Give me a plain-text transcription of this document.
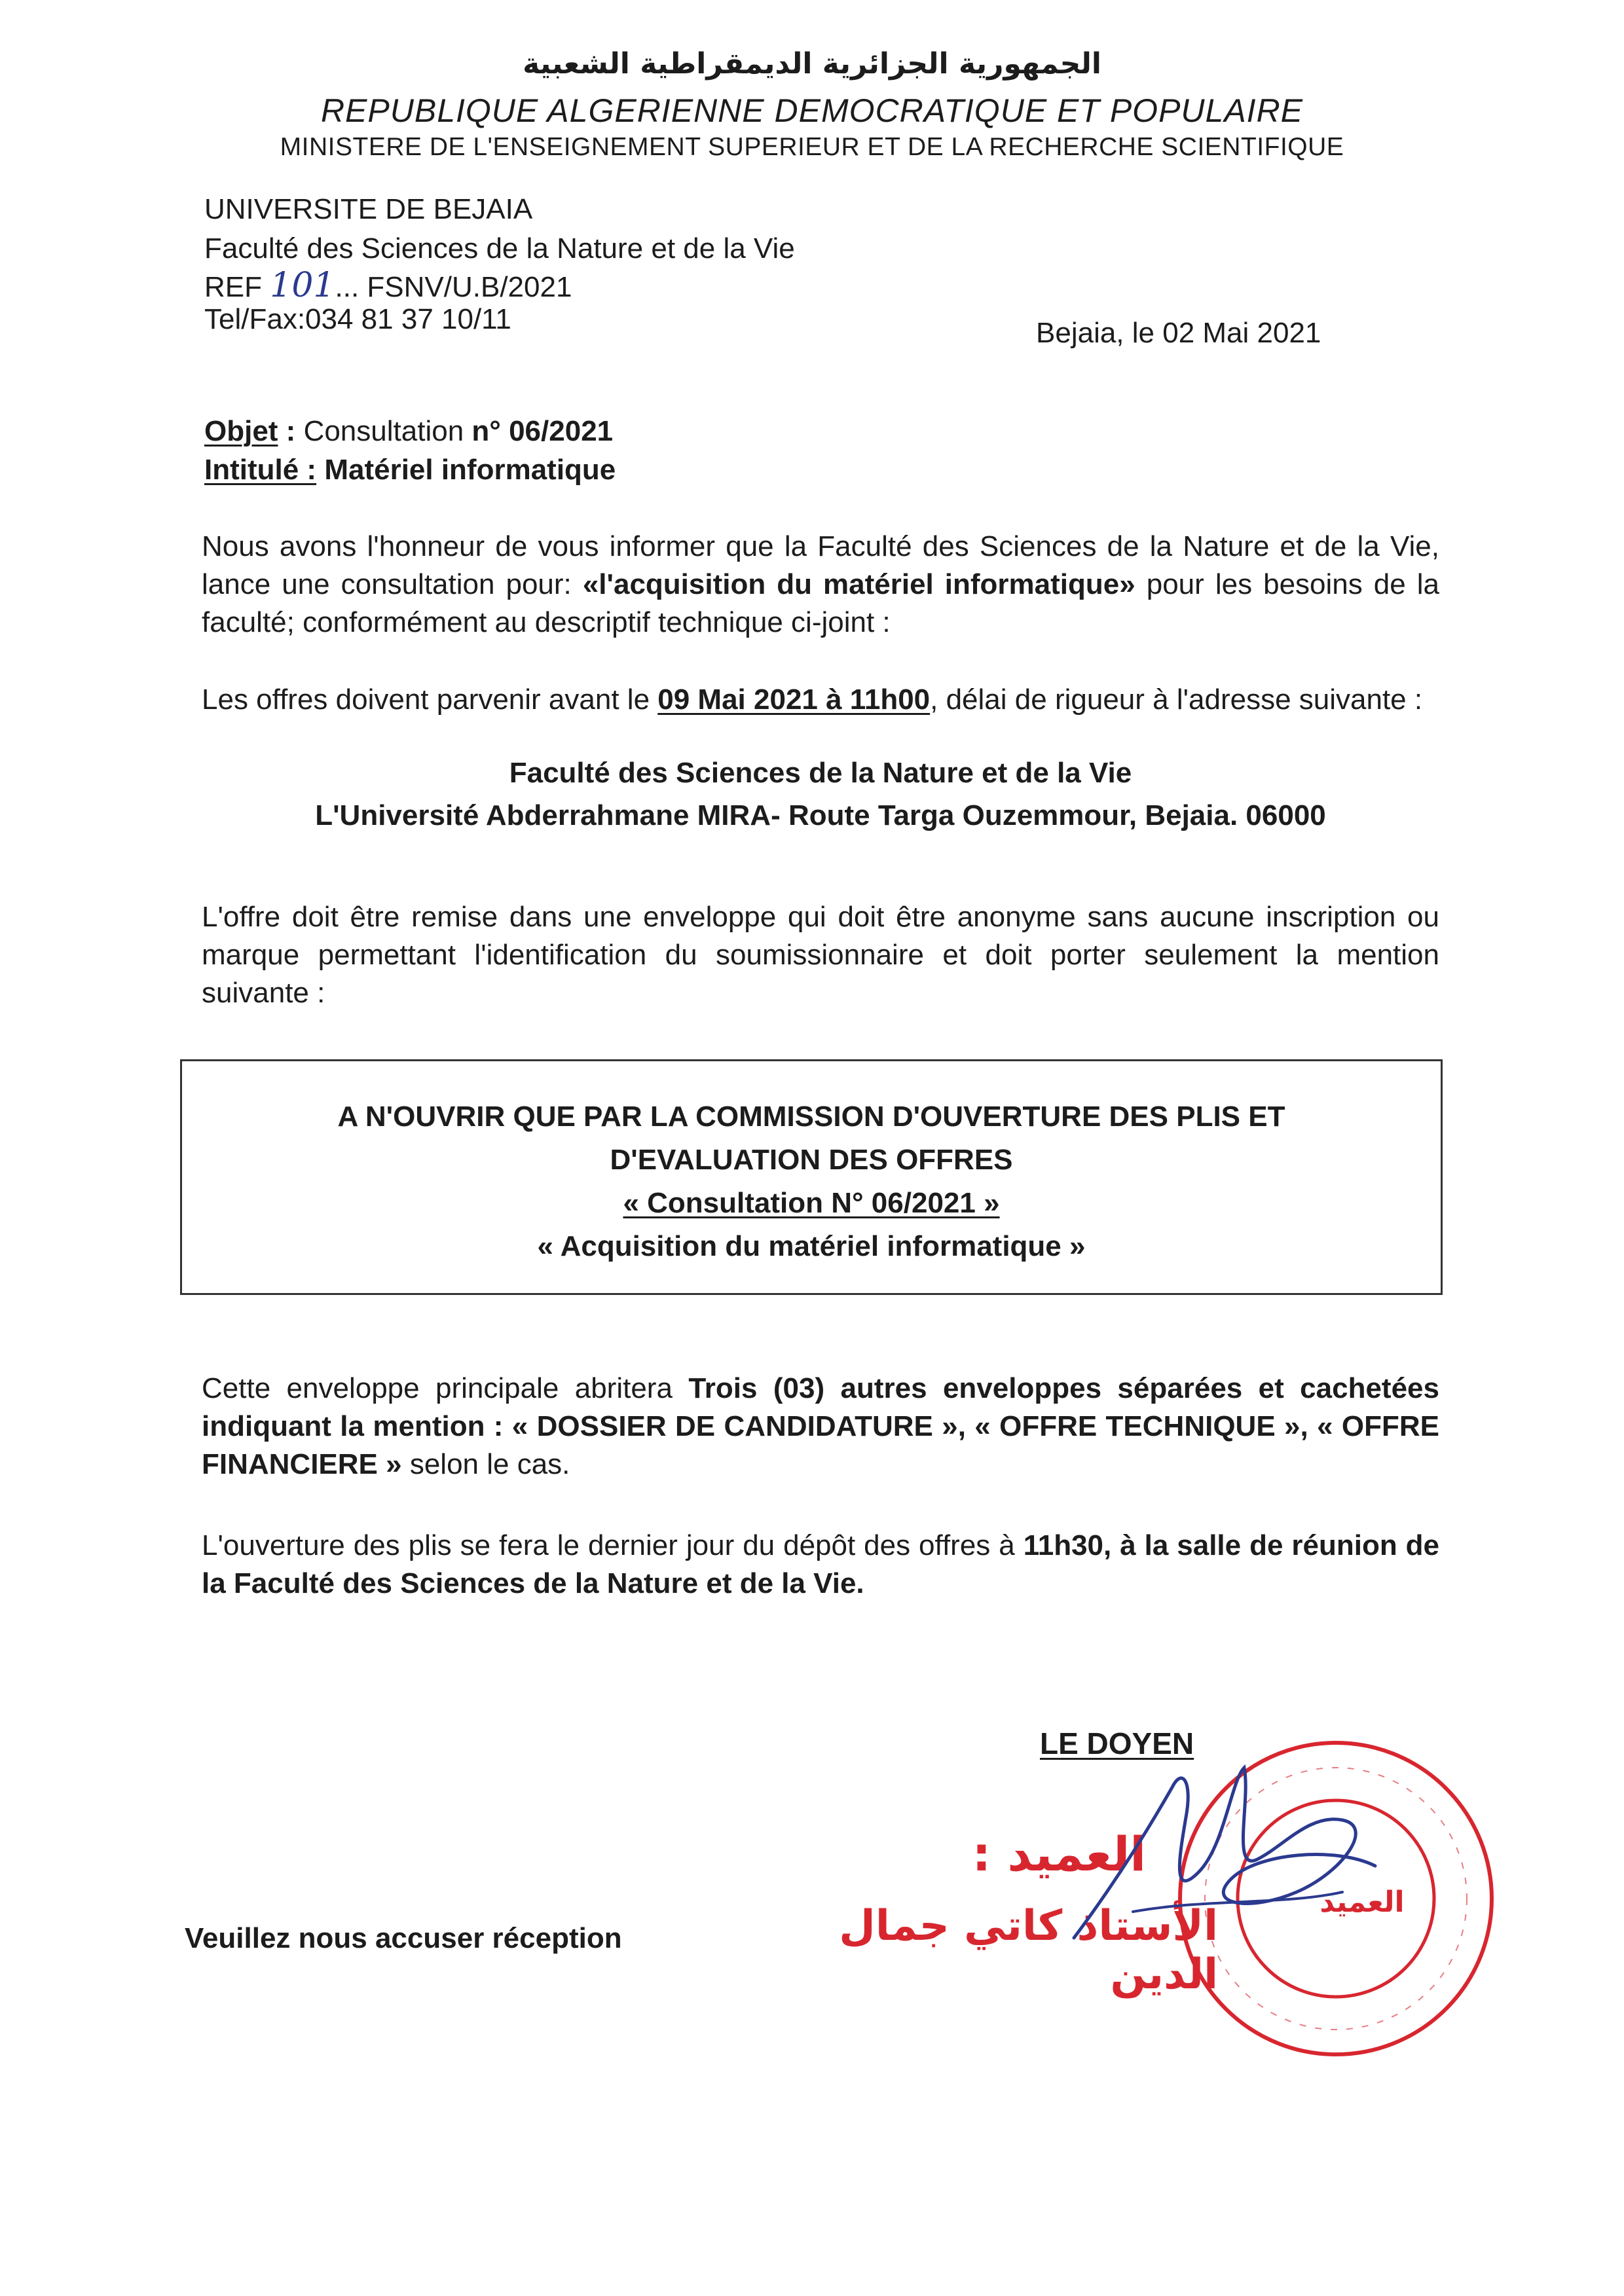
الجمهورية الجزائرية الديمقراطية الشعبية
REPUBLIQUE ALGERIENNE DEMOCRATIQUE ET POPULAIRE
MINISTERE DE L'ENSEIGNEMENT SUPERIEUR ET DE LA RECHERCHE SCIENTIFIQUE
UNIVERSITE DE BEJAIA
Faculté des Sciences de la Nature et de la Vie
REF 101... FSNV/U.B/2021
Tel/Fax:034 81 37 10/11	Bejaia, le 02 Mai 2021
Objet : Consultation n° 06/2021
Intitulé : Matériel informatique
Nous avons l'honneur de vous informer que la Faculté des Sciences de la Nature et de la Vie, lance une consultation pour: «l'acquisition du matériel informatique» pour les besoins de la faculté; conformément au descriptif technique ci-joint :
Les offres doivent parvenir avant le 09 Mai 2021 à 11h00, délai de rigueur à l'adresse suivante :
Faculté des Sciences de la Nature et de la Vie
L'Université Abderrahmane MIRA- Route Targa Ouzemmour, Bejaia. 06000
L'offre doit être remise dans une enveloppe qui doit être anonyme sans aucune inscription ou marque permettant l'identification du soumissionnaire et doit porter seulement la mention suivante :
A N'OUVRIR QUE PAR LA COMMISSION D'OUVERTURE DES PLIS ET
D'EVALUATION DES OFFRES
« Consultation N° 06/2021 »
« Acquisition du matériel informatique »
Cette enveloppe principale abritera Trois (03) autres enveloppes séparées et cachetées indiquant la mention : « DOSSIER DE CANDIDATURE », « OFFRE TECHNIQUE », « OFFRE FINANCIERE » selon le cas.
L'ouverture des plis se fera le dernier jour du dépôt des offres à 11h30, à la salle de réunion de la Faculté des Sciences de la Nature et de la Vie.
LE DOYEN
Veuillez nous accuser réception
العميد
العميد :
الأستاذ كاتي جمال الدين
